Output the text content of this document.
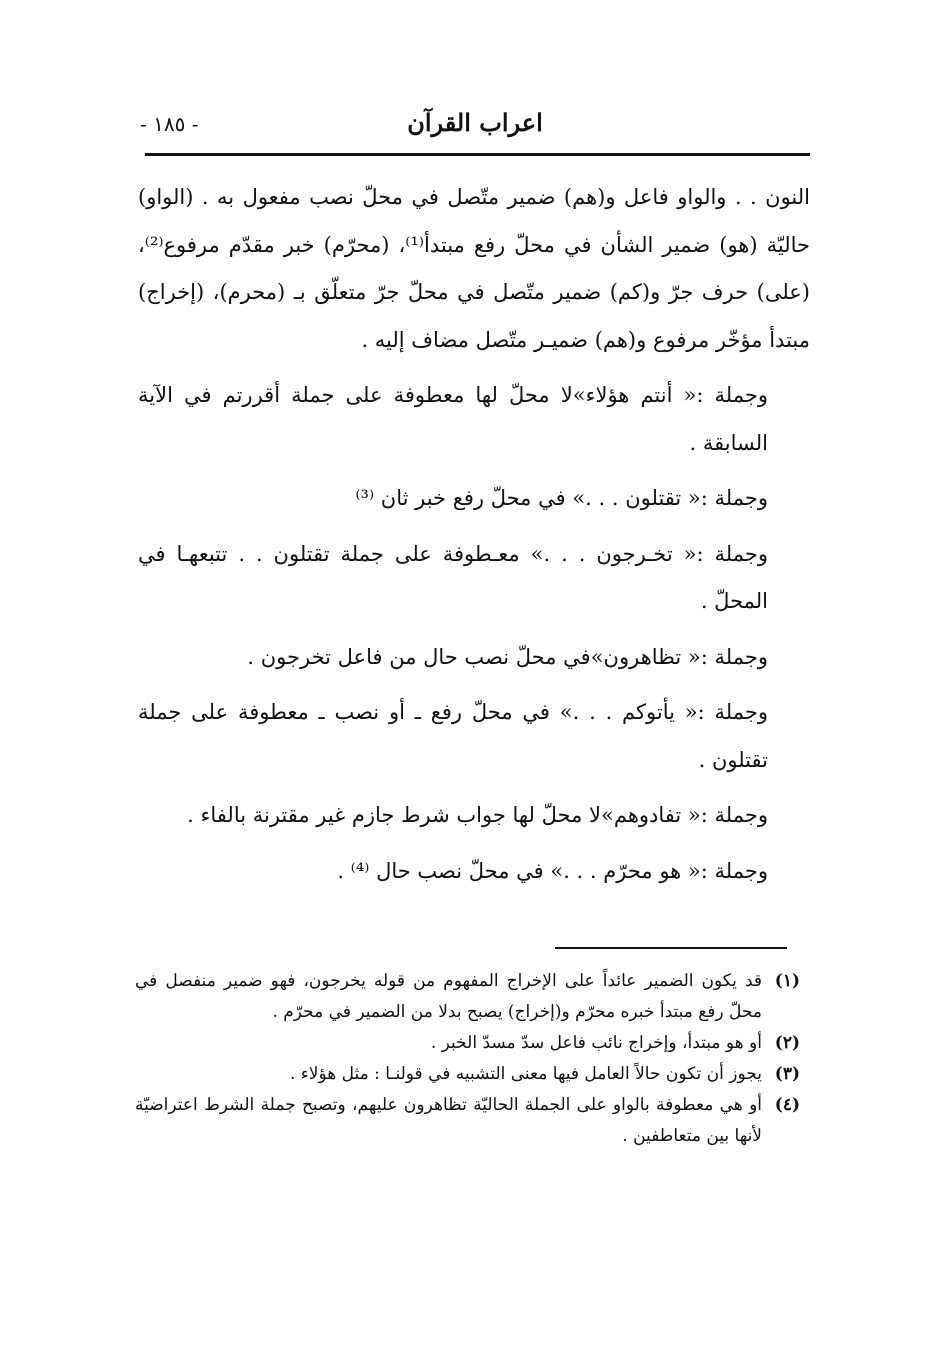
- ١٨٥ -	اعراب القرآن

النون . . والواو فاعل و(هم) ضمير متّصل في محلّ نصب مفعول به . (الواو) حاليّة (هو) ضمير الشأن في محلّ رفع مبتدأ⁽¹⁾، (محرّم) خبر مقدّم مرفوع⁽²⁾، (على) حرف جرّ و(كم) ضمير متّصل في محلّ جرّ متعلّق بـ (محرم)، (إخراج) مبتدأ مؤخّر مرفوع و(هم) ضميـر متّصل مضاف إليه .

وجملة :« أنتم هؤلاء»لا محلّ لها معطوفة على جملة أقررتم في الآية السابقة .

وجملة :« تقتلون . . .» في محلّ رفع خبر ثان ⁽³⁾

وجملة :« تخـرجون . . .» معـطوفة على جملة تقتلون . . تتبعهـا في المحلّ .

وجملة :« تظاهرون»في محلّ نصب حال من فاعل تخرجون .

وجملة :« يأتوكم . . .» في محلّ رفع ـ أو نصب ـ معطوفة على جملة تقتلون .

وجملة :« تفادوهم»لا محلّ لها جواب شرط جازم غير مقترنة بالفاء .

وجملة :« هو محرّم . . .» في محلّ نصب حال ⁽⁴⁾ .

(١)
قد يكون الضمير عائداً على الإخراج المفهوم من قوله يخرجون، فهو ضمير منفصل في محلّ رفع مبتدأ خبره محرّم و(إخراج) يصبح بدلا من الضمير في محرّم .
(٢)
أو هو مبتدأ، وإخراج نائب فاعل سدّ مسدّ الخبر .
(٣)
يجوز أن تكون حالاً العامل فيها معنى التشبيه في قولنـا : مثل هؤلاء .
(٤)
أو هي معطوفة بالواو على الجملة الحاليّة تظاهرون عليهم، وتصبح جملة الشرط اعتراضيّة لأنها بين متعاطفين .
